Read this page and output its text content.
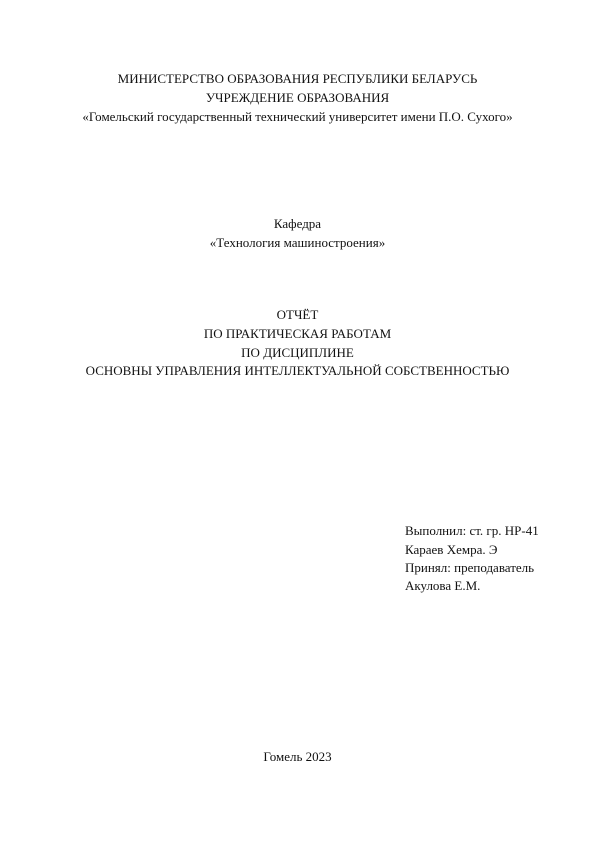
МИНИСТЕРСТВО ОБРАЗОВАНИЯ РЕСПУБЛИКИ БЕЛАРУСЬ
УЧРЕЖДЕНИЕ ОБРАЗОВАНИЯ
«Гомельский государственный технический университет имени П.О. Сухого»
Кафедра
«Технология машиностроения»
ОТЧЁТ
ПО ПРАКТИЧЕСКАЯ РАБОТАМ
ПО ДИСЦИПЛИНЕ
ОСНОВНЫ УПРАВЛЕНИЯ ИНТЕЛЛЕКТУАЛЬНОЙ СОБСТВЕННОСТЬЮ
Выполнил: ст. гр. НР-41
Караев Хемра. Э
Принял: преподаватель
Акулова Е.М.
Гомель 2023
